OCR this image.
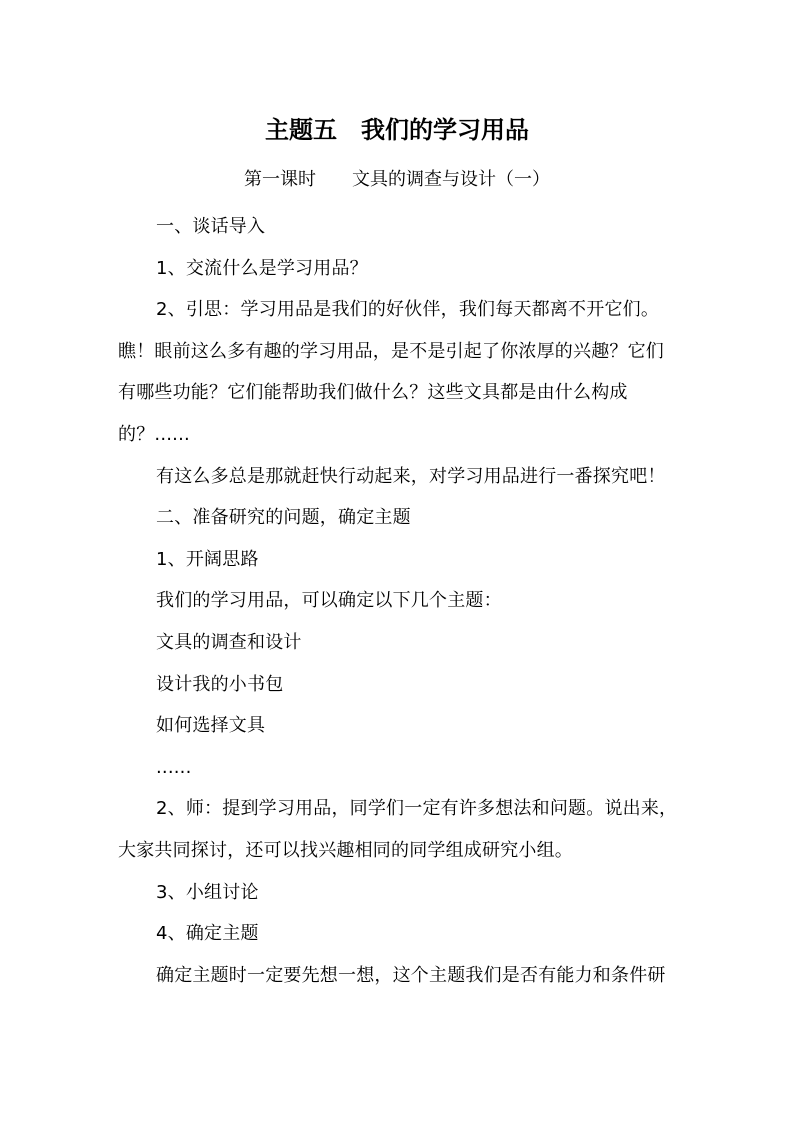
主题五　我们的学习用品
第一课时　　文具的调查与设计（一）

一、谈话导入

1、交流什么是学习用品？

2、引思：学习用品是我们的好伙伴，我们每天都离不开它们。

瞧！眼前这么多有趣的学习用品，是不是引起了你浓厚的兴趣？它们

有哪些功能？它们能帮助我们做什么？这些文具都是由什么构成

的？......

有这么多总是那就赶快行动起来，对学习用品进行一番探究吧！

二、准备研究的问题，确定主题

1、开阔思路

我们的学习用品，可以确定以下几个主题：

文具的调查和设计

设计我的小书包

如何选择文具

......

2、师：提到学习用品，同学们一定有许多想法和问题。说出来，

大家共同探讨，还可以找兴趣相同的同学组成研究小组。

3、小组讨论

4、确定主题

确定主题时一定要先想一想，这个主题我们是否有能力和条件研
